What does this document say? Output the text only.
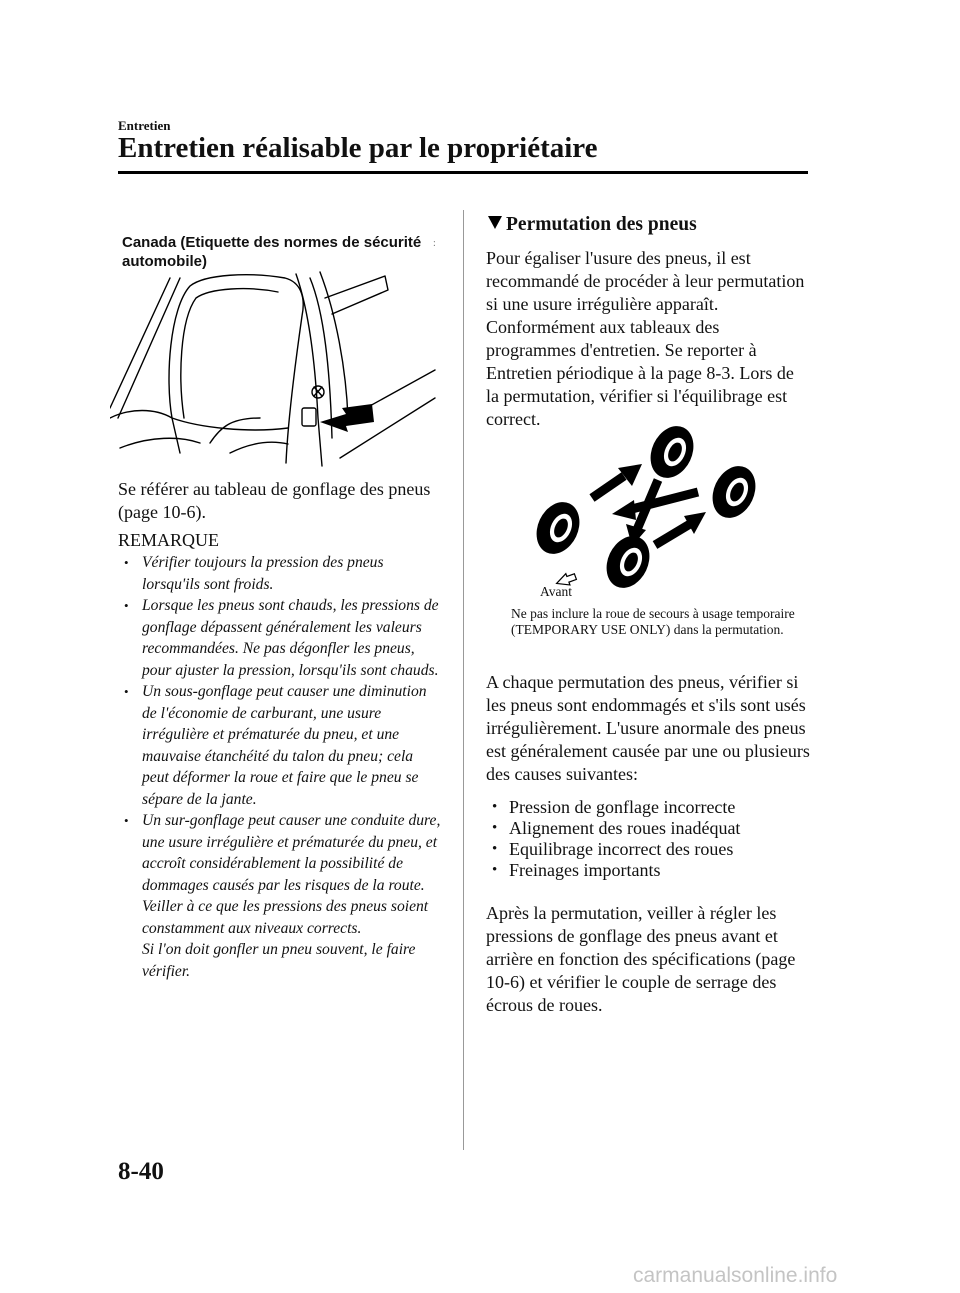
Entretien
Entretien réalisable par le propriétaire
Canada (Etiquette des normes de sécurité automobile)
:
Se référer au tableau de gonflage des pneus (page 10-6).
REMARQUE
• Vérifier toujours la pression des pneus lorsqu'ils sont froids.
• Lorsque les pneus sont chauds, les pressions de gonflage dépassent généralement les valeurs recommandées. Ne pas dégonfler les pneus, pour ajuster la pression, lorsqu'ils sont chauds.
• Un sous-gonflage peut causer une diminution de l'économie de carburant, une usure irrégulière et prématurée du pneu, et une mauvaise étanchéité du talon du pneu; cela peut déformer la roue et faire que le pneu se sépare de la jante.
• Un sur-gonflage peut causer une conduite dure, une usure irrégulière et prématurée du pneu, et accroît considérablement la possibilité de dommages causés par les risques de la route.
Veiller à ce que les pressions des pneus soient constamment aux niveaux corrects.
Si l'on doit gonfler un pneu souvent, le faire vérifier.
Permutation des pneus
Pour égaliser l'usure des pneus, il est recommandé de procéder à leur permutation si une usure irrégulière apparaît. Conformément aux tableaux des programmes d'entretien. Se reporter à Entretien périodique à la page 8-3. Lors de la permutation, vérifier si l'équilibrage est correct.
Avant
Ne pas inclure la roue de secours à usage temporaire (TEMPORARY USE ONLY) dans la permutation.
A chaque permutation des pneus, vérifier si les pneus sont endommagés et s'ils sont usés irrégulièrement. L'usure anormale des pneus est généralement causée par une ou plusieurs des causes suivantes:
• Pression de gonflage incorrecte
• Alignement des roues inadéquat
• Equilibrage incorrect des roues
• Freinages importants
Après la permutation, veiller à régler les pressions de gonflage des pneus avant et arrière en fonction des spécifications (page 10-6) et vérifier le couple de serrage des écrous de roues.
8-40
carmanualsonline.info
